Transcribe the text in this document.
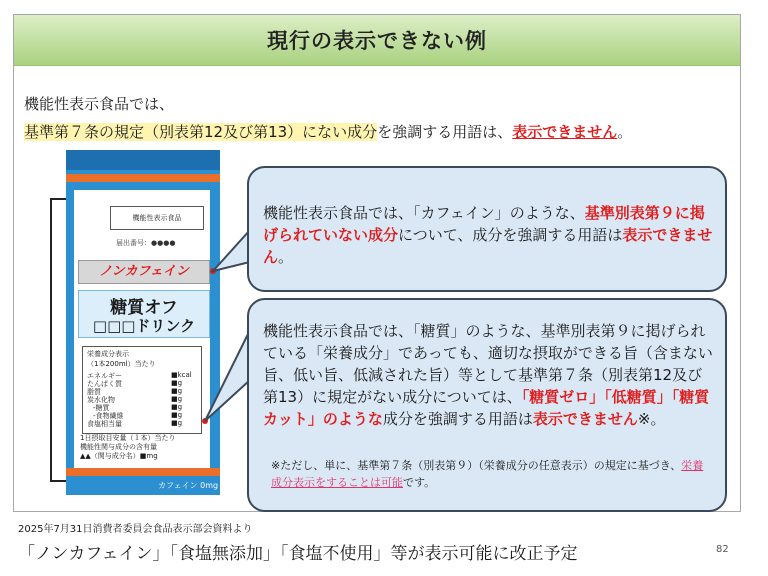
現行の表示できない例
機能性表示食品では、
基準第７条の規定（別表第12及び第13）にない成分を強調する用語は、表示できません。
機能性表示食品
届出番号：●●●●
ノンカフェイン
糖質オフ
□□□ドリンク
栄養成分表示
（1本200ml）当たり
エネルギー	■kcal
たんぱく質	■g
脂質	■g
炭水化物	■g
-糖質	■g
-食物繊維	■g
食塩相当量	■g
1日摂取目安量（１本）当たり
機能性関与成分の含有量
▲▲（関与成分名）■mg
カフェイン 0mg
機能性表示食品では、「カフェイン」のような、基準別表第９に掲げられていない成分について、成分を強調する用語は表示できません。
機能性表示食品では、「糖質」のような、基準別表第９に掲げられている「栄養成分」であっても、適切な摂取ができる旨（含まない旨、低い旨、低減された旨）等として基準第７条（別表第12及び第13）に規定がない成分については、「糖質ゼロ」「低糖質」「糖質カット」のような成分を強調する用語は表示できません※。
※ただし、単に、基準第７条（別表第９）（栄養成分の任意表示）の規定に基づき、栄養成分表示をすることは可能です。
2025年7月31日消費者委員会食品表示部会資料より
「ノンカフェイン」「食塩無添加」「食塩不使用」等が表示可能に改正予定	82
